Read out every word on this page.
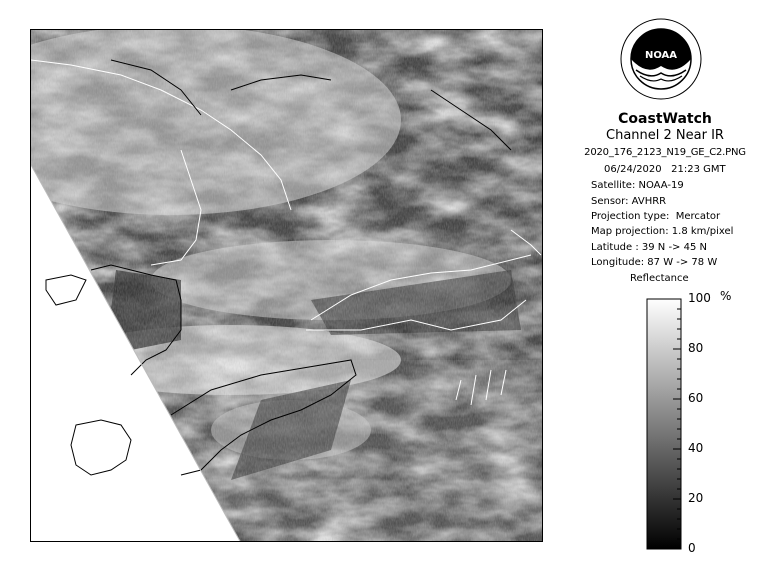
NOAA
CoastWatch
Channel 2 Near IR
2020_176_2123_N19_GE_C2.PNG
06/24/2020   21:23 GMT
Satellite: NOAA-19
Sensor: AVHRR
Projection type:  Mercator
Map projection: 1.8 km/pixel
Latitude : 39 N -> 45 N
Longitude: 87 W -> 78 W
Reflectance
100
80
60
40
20
0
%
